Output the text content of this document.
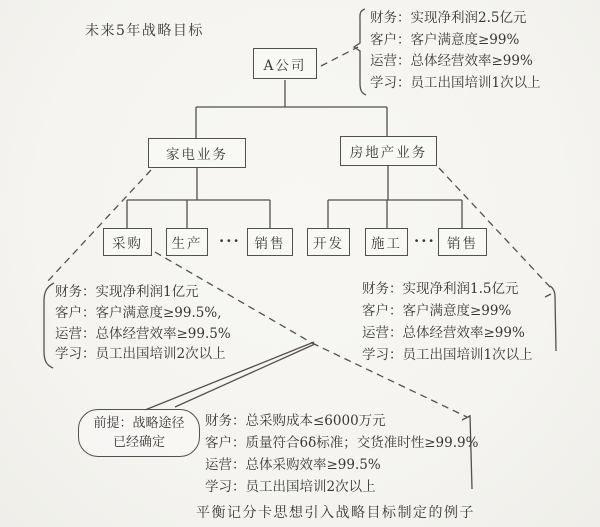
未来5年战略目标
平衡记分卡思想引入战略目标制定的例子
A公司
家电业务	房地产业务
采购	生产	···	销售	开发	施工 ··· 销售
财务：实现净利润2.5亿元
客户：客户满意度≥99%
运营：总体经营效率≥99%
学习：员工出国培训1次以上
财务：实现净利润1亿元
客户：客户满意度≥99.5%,
运营：总体经营效率≥99.5%
学习：员工出国培训2次以上
财务：实现净利润1.5亿元
客户：客户满意度≥99%
运营：总体经营效率≥99%
学习：员工出国培训1次以上
财务：总采购成本≤6000万元
客户：质量符合6δ标准；交货准时性≥99.9%
运营：总体采购效率≥99.5%
学习：员工出国培训2次以上
前提：战略途径
已经确定
